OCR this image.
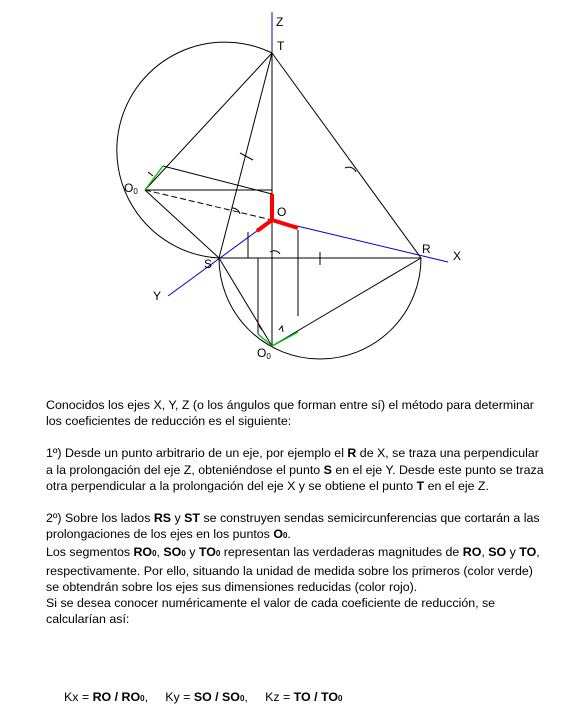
Z
T
O
R X
S
Y
O0
O0

Conocidos los ejes X, Y, Z (o los ángulos que forman entre sí) el método para determinar los coeficientes de reducción es el siguiente:

1º) Desde un punto arbitrario de un eje, por ejemplo el R de X, se traza una perpendicular a la prolongación del eje Z, obteniéndose el punto S en el eje Y. Desde este punto se traza otra perpendicular a la prolongación del eje X y se obtiene el punto T en el eje Z.

2º) Sobre los lados RS y ST se construyen sendas semicircunferencias que cortarán a las prolongaciones de los ejes en los puntos O0.

Los segmentos RO0, SO0 y TO0 representan las verdaderas magnitudes de RO, SO y TO, respectivamente. Por ello, situando la unidad de medida sobre los primeros (color verde) se obtendrán sobre los ejes sus dimensiones reducidas (color rojo).

Si se desea conocer numéricamente el valor de cada coeficiente de reducción, se calcularían así:

Kx = RO / RO0,     Ky = SO / SO0,     Kz = TO / TO0
